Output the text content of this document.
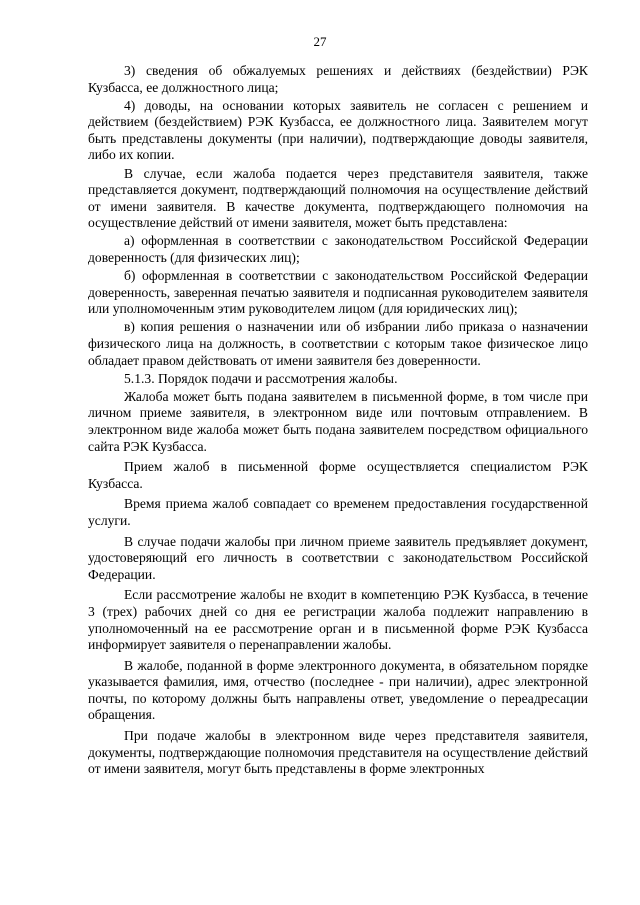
27

3) сведения об обжалуемых решениях и действиях (бездействии) РЭК Кузбасса, ее должностного лица;

4) доводы, на основании которых заявитель не согласен с решением и действием (бездействием) РЭК Кузбасса, ее должностного лица. Заявителем могут быть представлены документы (при наличии), подтверждающие доводы заявителя, либо их копии.

В случае, если жалоба подается через представителя заявителя, также представляется документ, подтверждающий полномочия на осуществление действий от имени заявителя. В качестве документа, подтверждающего полномочия на осуществление действий от имени заявителя, может быть представлена:

а) оформленная в соответствии с законодательством Российской Федерации доверенность (для физических лиц);

б) оформленная в соответствии с законодательством Российской Федерации доверенность, заверенная печатью заявителя и подписанная руководителем заявителя или уполномоченным этим руководителем лицом (для юридических лиц);

в) копия решения о назначении или об избрании либо приказа о назначении физического лица на должность, в соответствии с которым такое физическое лицо обладает правом действовать от имени заявителя без доверенности.

5.1.3. Порядок подачи и рассмотрения жалобы.

Жалоба может быть подана заявителем в письменной форме, в том числе при личном приеме заявителя, в электронном виде или почтовым отправлением. В электронном виде жалоба может быть подана заявителем посредством официального сайта РЭК Кузбасса.

Прием жалоб в письменной форме осуществляется специалистом РЭК Кузбасса.

Время приема жалоб совпадает со временем предоставления государственной услуги.

В случае подачи жалобы при личном приеме заявитель предъявляет документ, удостоверяющий его личность в соответствии с законодательством Российской Федерации.

Если рассмотрение жалобы не входит в компетенцию РЭК Кузбасса, в течение 3 (трех) рабочих дней со дня ее регистрации жалоба подлежит направлению в уполномоченный на ее рассмотрение орган и в письменной форме РЭК Кузбасса информирует заявителя о перенаправлении жалобы.

В жалобе, поданной в форме электронного документа, в обязательном порядке указывается фамилия, имя, отчество (последнее - при наличии), адрес электронной почты, по которому должны быть направлены ответ, уведомление о переадресации обращения.

При подаче жалобы в электронном виде через представителя заявителя, документы, подтверждающие полномочия представителя на осуществление действий от имени заявителя, могут быть представлены в форме электронных
